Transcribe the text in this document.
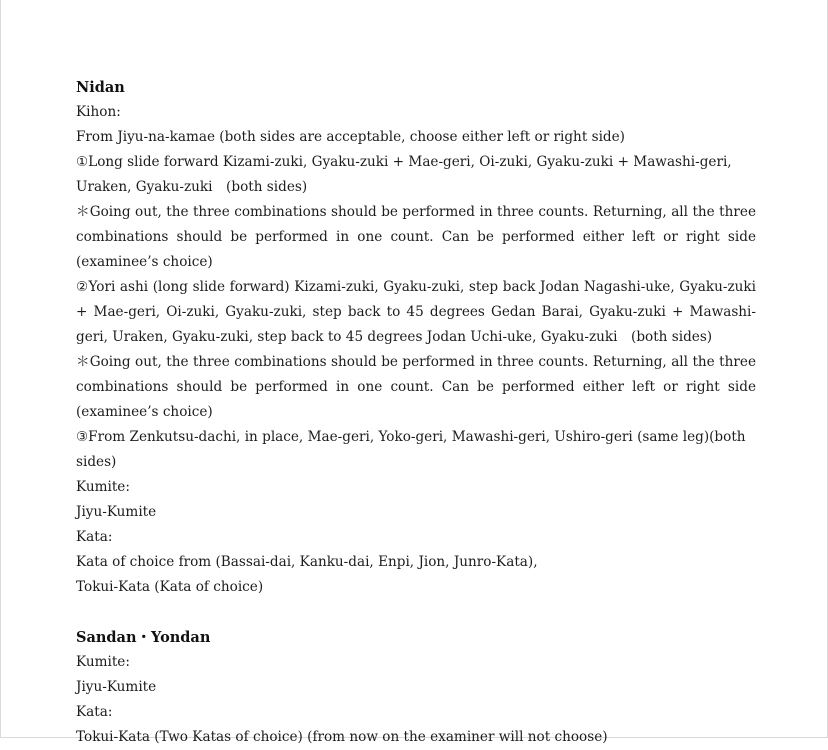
Nidan

Kihon:

From Jiyu-na-kamae (both sides are acceptable, choose either left or right side)

①Long slide forward Kizami-zuki, Gyaku-zuki + Mae-geri, Oi-zuki, Gyaku-zuki + Mawashi-geri, Uraken, Gyaku-zuki　(both sides)

＊Going out, the three combinations should be performed in three counts. Returning, all the three combinations should be performed in one count. Can be performed either left or right side (examinee’s choice)

②Yori ashi (long slide forward) Kizami-zuki, Gyaku-zuki, step back Jodan Nagashi-uke, Gyaku-zuki + Mae-geri, Oi-zuki, Gyaku-zuki, step back to 45 degrees Gedan Barai, Gyaku-zuki + Mawashi-geri, Uraken, Gyaku-zuki, step back to 45 degrees Jodan Uchi-uke, Gyaku-zuki　(both sides)

＊Going out, the three combinations should be performed in three counts. Returning, all the three combinations should be performed in one count. Can be performed either left or right side (examinee’s choice)

③From Zenkutsu-dachi, in place, Mae-geri, Yoko-geri, Mawashi-geri, Ushiro-geri (same leg)(both sides)

Kumite:

Jiyu-Kumite

Kata:

Kata of choice from (Bassai-dai, Kanku-dai, Enpi, Jion, Junro-Kata),

Tokui-Kata (Kata of choice)

Sandan・Yondan

Kumite:

Jiyu-Kumite

Kata:

Tokui-Kata (Two Katas of choice) (from now on the examiner will not choose)
